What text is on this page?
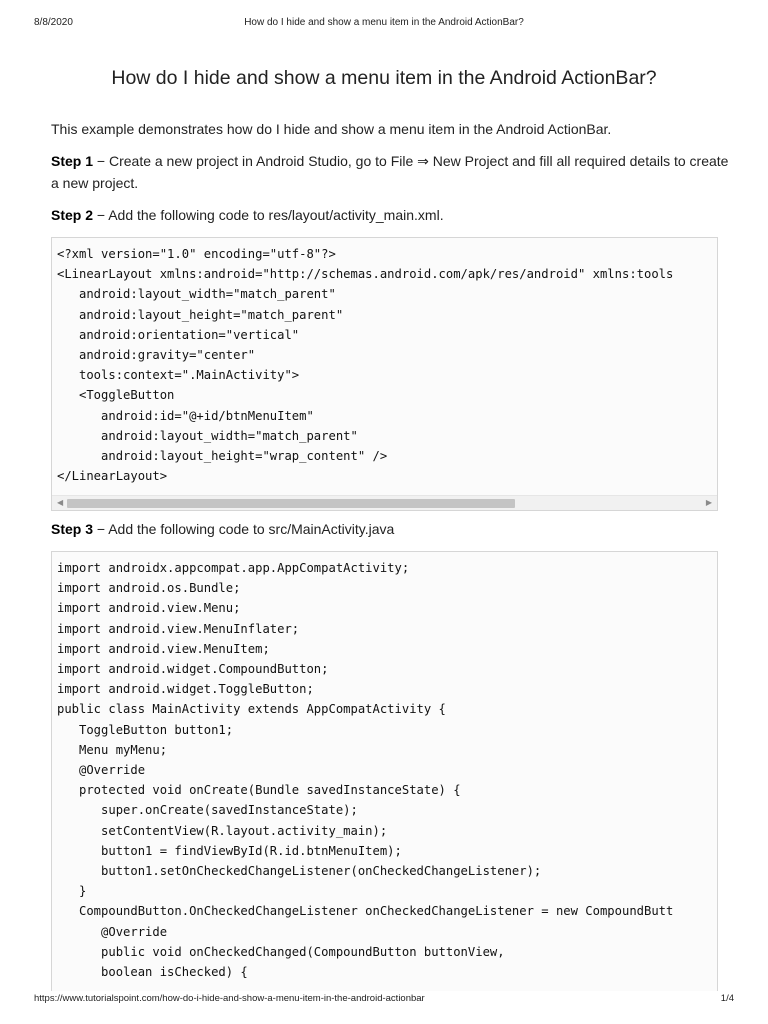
8/8/2020	How do I hide and show a menu item in the Android ActionBar?
How do I hide and show a menu item in the Android ActionBar?

This example demonstrates how do I hide and show a menu item in the Android ActionBar.

Step 1 − Create a new project in Android Studio, go to File ⇒ New Project and fill all required details to create a new project.

Step 2 − Add the following code to res/layout/activity_main.xml.

<?xml version="1.0" encoding="utf-8"?>
<LinearLayout xmlns:android="http://schemas.android.com/apk/res/android" xmlns:tools
android:layout_width="match_parent"
android:layout_height="match_parent"
android:orientation="vertical"
android:gravity="center"
tools:context=".MainActivity">
<ToggleButton
android:id="@+id/btnMenuItem"
android:layout_width="match_parent"
android:layout_height="wrap_content" />
</LinearLayout>
◀	▶

Step 3 − Add the following code to src/MainActivity.java

import androidx.appcompat.app.AppCompatActivity;
import android.os.Bundle;
import android.view.Menu;
import android.view.MenuInflater;
import android.view.MenuItem;
import android.widget.CompoundButton;
import android.widget.ToggleButton;
public class MainActivity extends AppCompatActivity {
ToggleButton button1;
Menu myMenu;
@Override
protected void onCreate(Bundle savedInstanceState) {
super.onCreate(savedInstanceState);
setContentView(R.layout.activity_main);
button1 = findViewById(R.id.btnMenuItem);
button1.setOnCheckedChangeListener(onCheckedChangeListener);
}
CompoundButton.OnCheckedChangeListener onCheckedChangeListener = new CompoundButt
@Override
public void onCheckedChanged(CompoundButton buttonView,
boolean isChecked) {
https://www.tutorialspoint.com/how-do-i-hide-and-show-a-menu-item-in-the-android-actionbar	1/4
